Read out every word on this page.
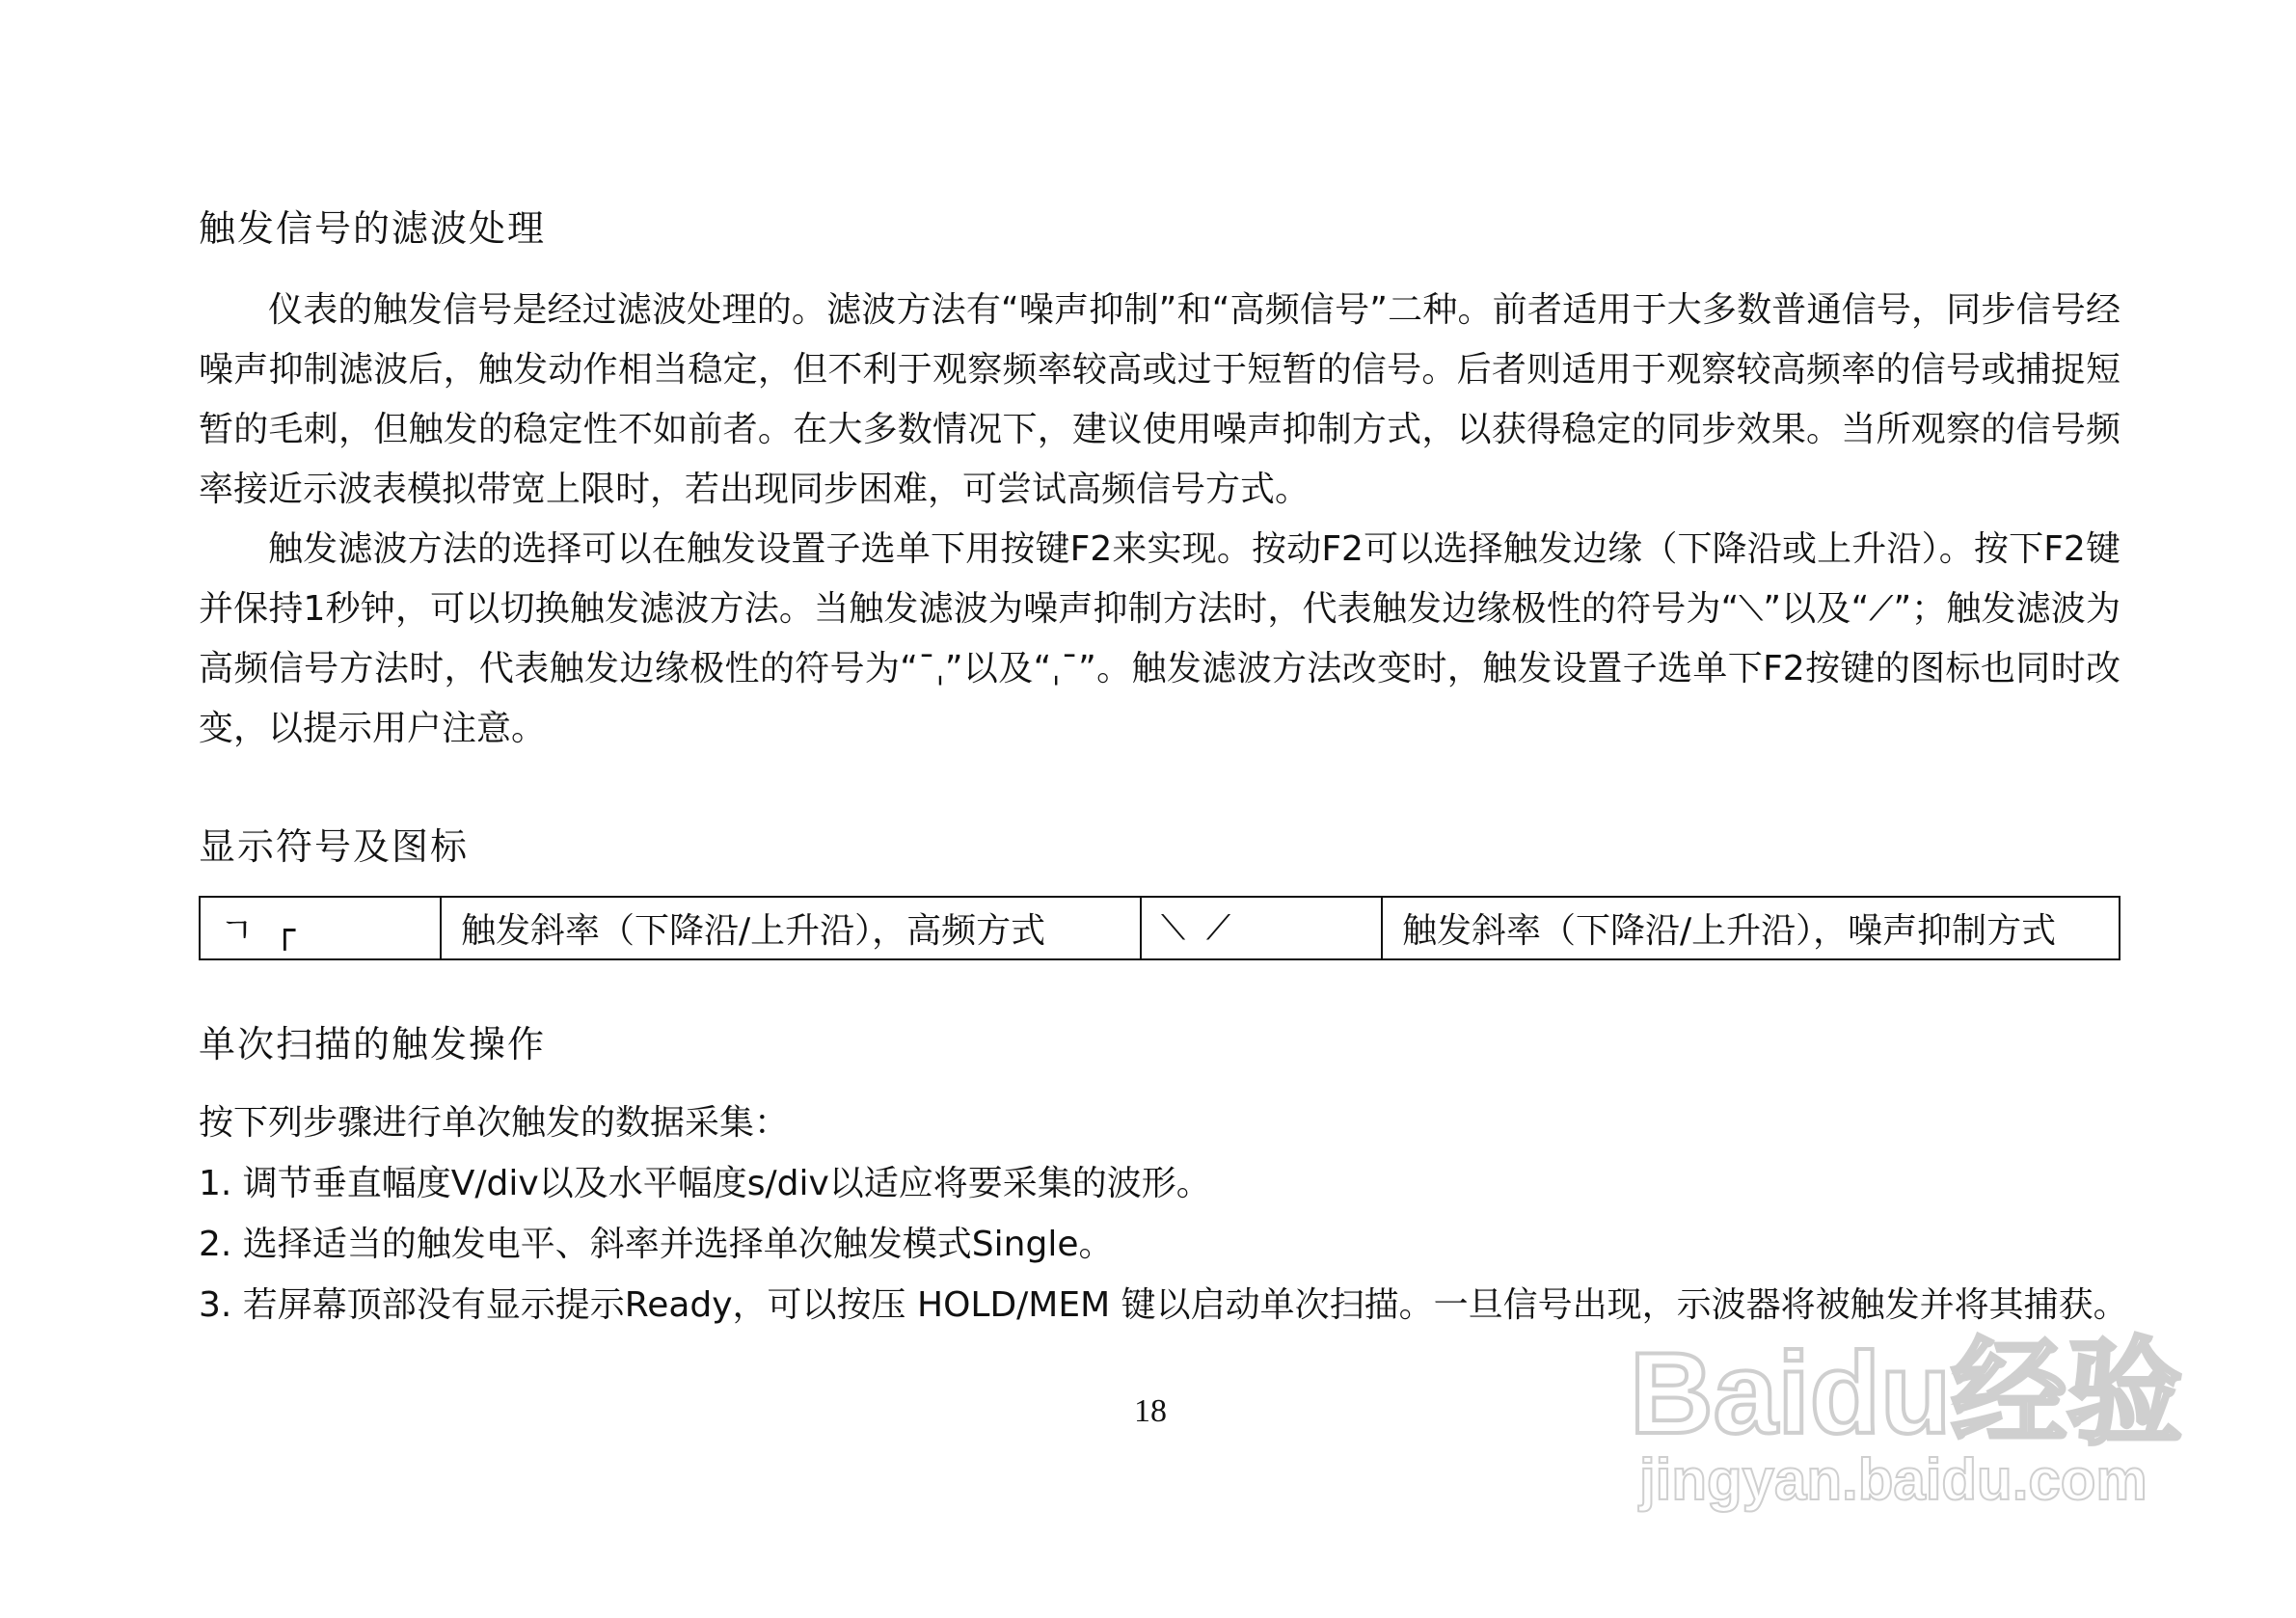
触发信号的滤波处理

仪表的触发信号是经过滤波处理的。滤波方法有“噪声抑制”和“高频信号”二种。前者适用于大多数普通信号，同步信号经噪声抑制滤波后，触发动作相当稳定，但不利于观察频率较高或过于短暂的信号。后者则适用于观察较高频率的信号或捕捉短暂的毛刺，但触发的稳定性不如前者。在大多数情况下，建议使用噪声抑制方式，以获得稳定的同步效果。当所观察的信号频率接近示波表模拟带宽上限时，若出现同步困难，可尝试高频信号方式。

触发滤波方法的选择可以在触发设置子选单下用按键F2来实现。按动F2可以选择触发边缘（下降沿或上升沿）。按下F2键并保持1秒钟，可以切换触发滤波方法。当触发滤波为噪声抑制方法时，代表触发边缘极性的符号为“⟍”以及“⟋”；触发滤波为高频信号方法时，代表触发边缘极性的符号为“ˉˌ”以及“ˌˉ”。触发滤波方法改变时，触发设置子选单下F2按键的图标也同时改变，以提示用户注意。

显示符号及图标
ㄱ ┌	触发斜率（下降沿/上升沿），高频方式	⟍ ⟋	触发斜率（下降沿/上升沿），噪声抑制方式
单次扫描的触发操作
按下列步骤进行单次触发的数据采集：
1. 调节垂直幅度V/div以及水平幅度s/div以适应将要采集的波形。
2. 选择适当的触发电平、斜率并选择单次触发模式Single。
3. 若屏幕顶部没有显示提示Ready，可以按压 HOLD/MEM 键以启动单次扫描。一旦信号出现，示波器将被触发并将其捕获。
18	Baidu经验
jingyan.baidu.com
